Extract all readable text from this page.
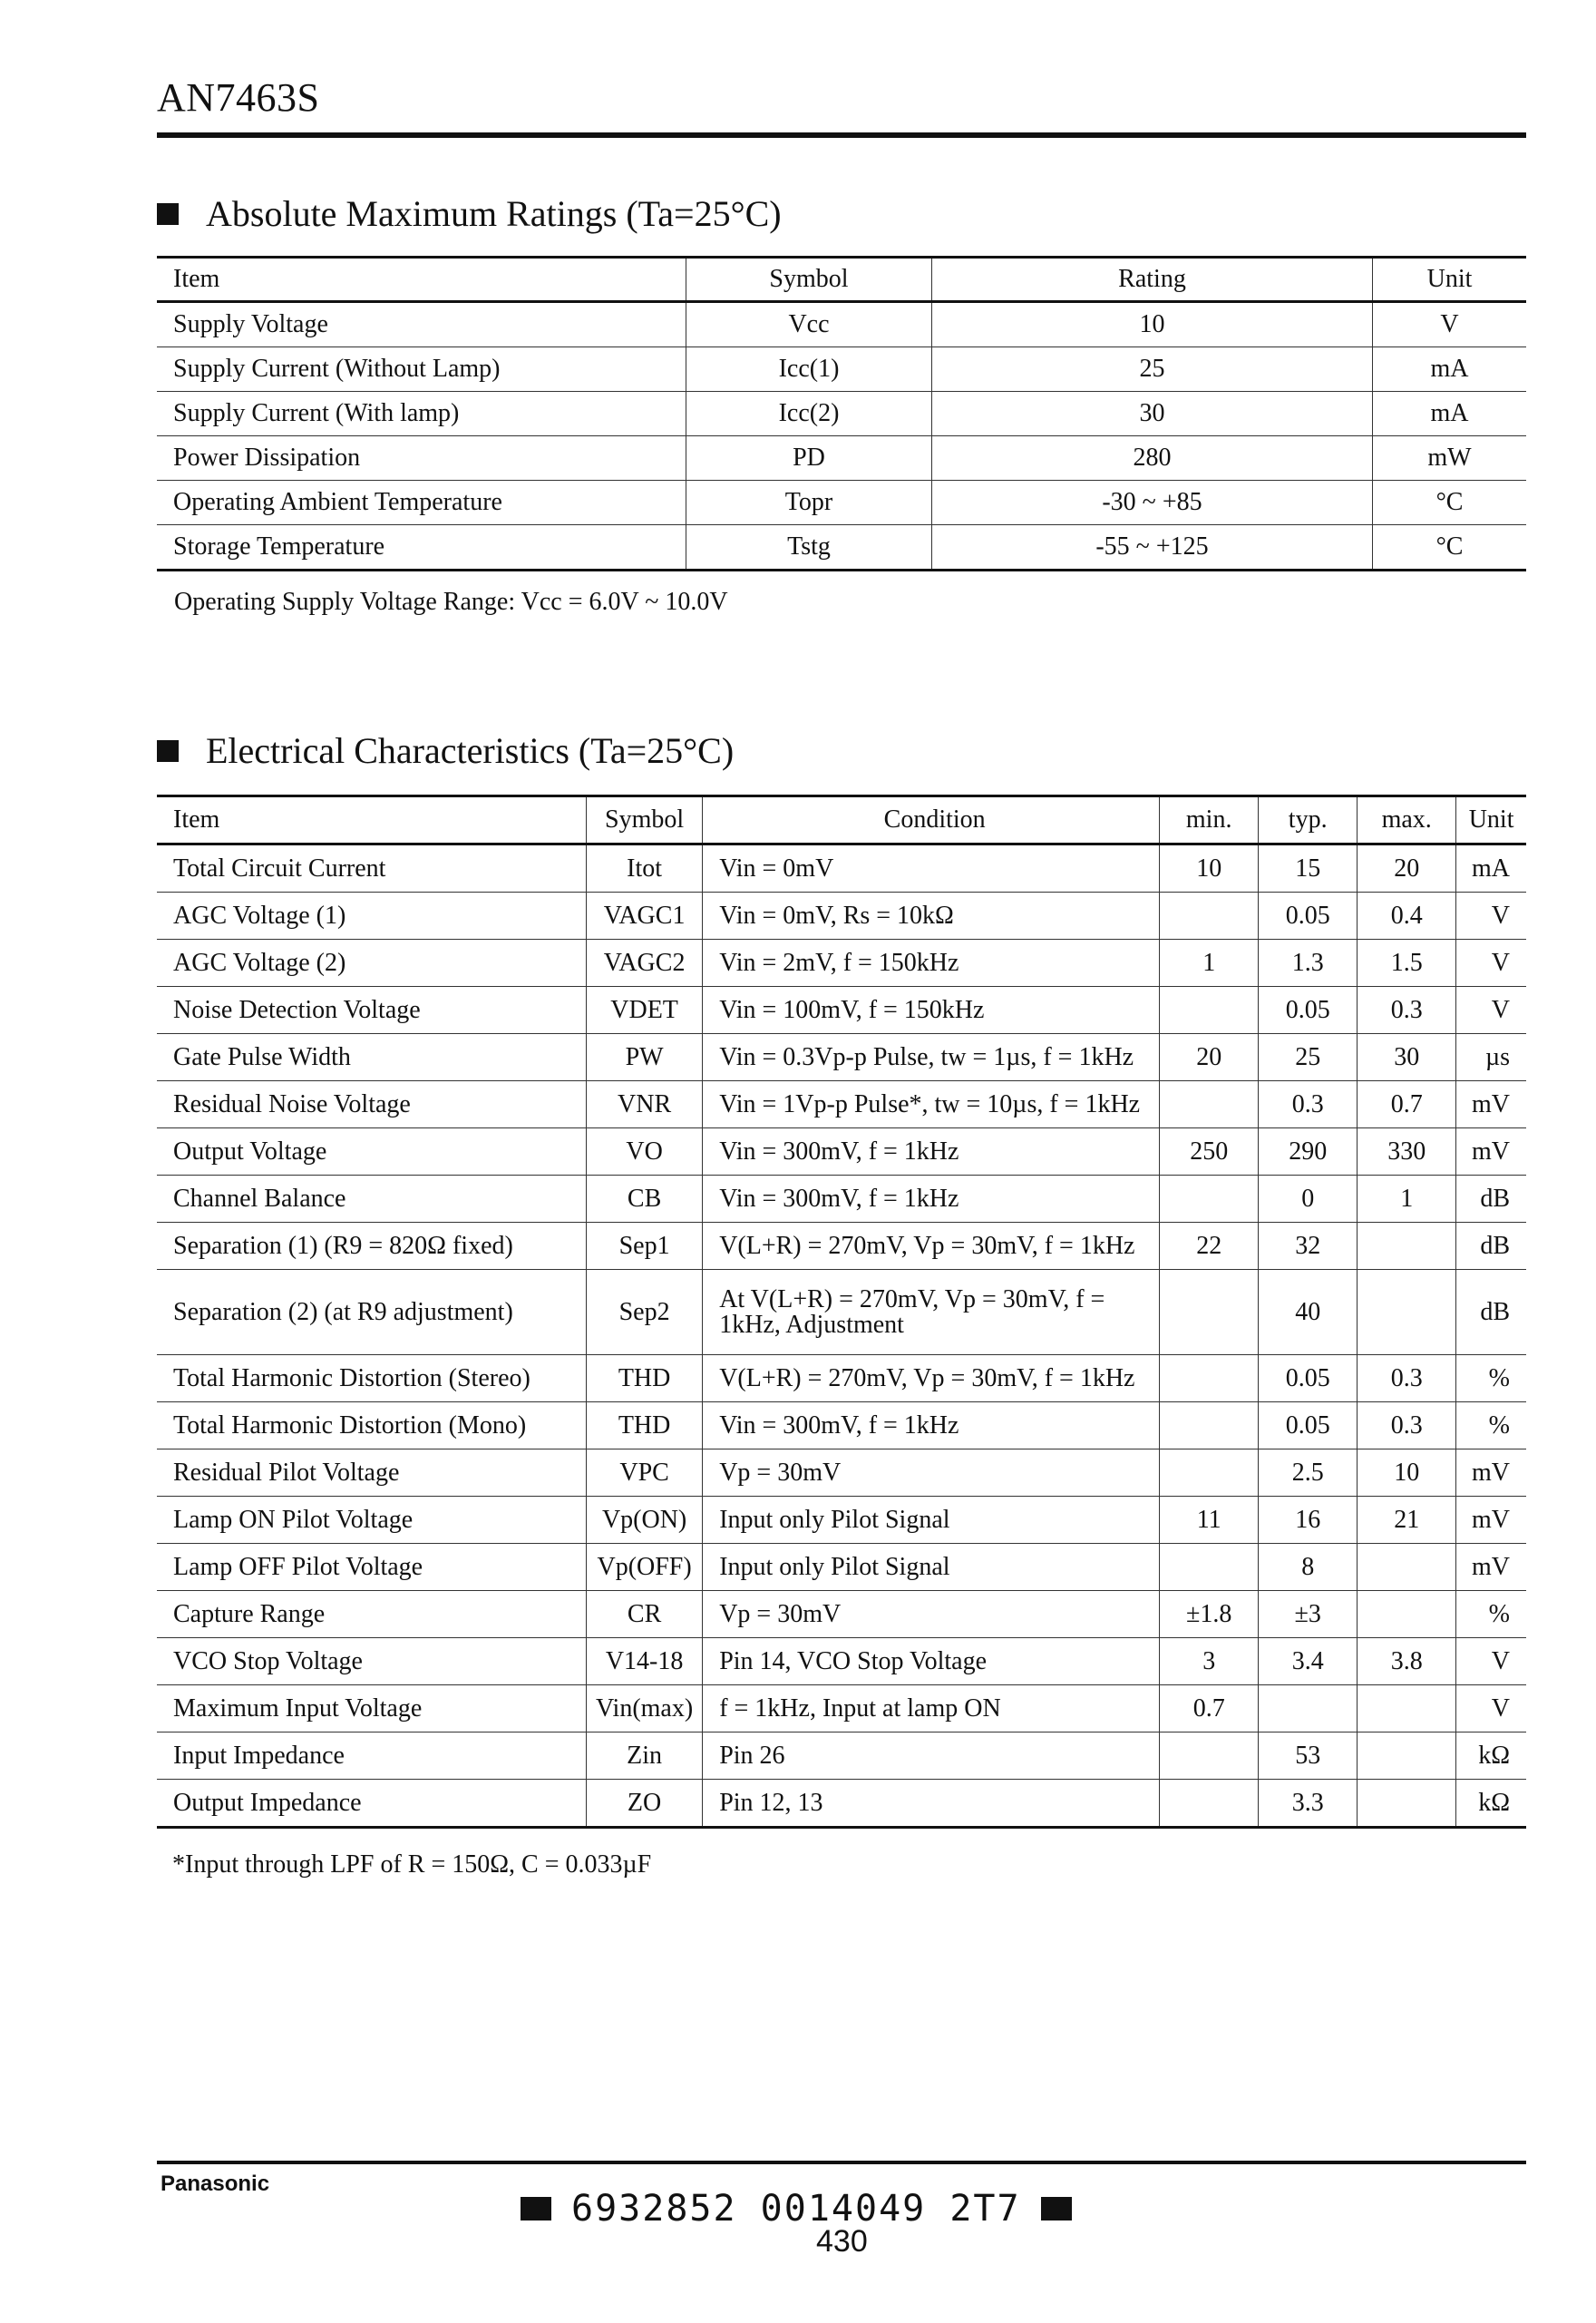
AN7463S
Absolute Maximum Ratings (Ta=25°C)
Item	Symbol	Rating	Unit
Supply Voltage	Vcc	10	V
Supply Current (Without Lamp)	Icc(1)	25	mA
Supply Current (With lamp)	Icc(2)	30	mA
Power Dissipation	PD	280	mW
Operating Ambient Temperature	Topr	-30 ~ +85	°C
Storage Temperature	Tstg	-55 ~ +125	°C
Operating Supply Voltage Range: Vcc = 6.0V ~ 10.0V
Electrical Characteristics (Ta=25°C)
Item	Symbol	Condition	min.	typ.	max.	Unit
Total Circuit Current	Itot	Vin = 0mV	10	15	20	mA
AGC Voltage (1)	VAGC1	Vin = 0mV, Rs = 10kΩ		0.05	0.4	V
AGC Voltage (2)	VAGC2	Vin = 2mV, f = 150kHz	1	1.3	1.5	V
Noise Detection Voltage	VDET	Vin = 100mV, f = 150kHz		0.05	0.3	V
Gate Pulse Width	PW	Vin = 0.3Vp-p Pulse, tw = 1µs, f = 1kHz	20	25	30	µs
Residual Noise Voltage	VNR	Vin = 1Vp-p Pulse*, tw = 10µs, f = 1kHz		0.3	0.7	mV
Output Voltage	VO	Vin = 300mV, f = 1kHz	250	290	330	mV
Channel Balance	CB	Vin = 300mV, f = 1kHz		0	1	dB
Separation (1) (R9 = 820Ω fixed)	Sep1	V(L+R) = 270mV, Vp = 30mV, f = 1kHz	22	32		dB
Separation (2) (at R9 adjustment)	Sep2	At V(L+R) = 270mV, Vp = 30mV, f = 1kHz, Adjustment		40		dB
Total Harmonic Distortion (Stereo)	THD	V(L+R) = 270mV, Vp = 30mV, f = 1kHz		0.05	0.3	%
Total Harmonic Distortion (Mono)	THD	Vin = 300mV, f = 1kHz		0.05	0.3	%
Residual Pilot Voltage	VPC	Vp = 30mV		2.5	10	mV
Lamp ON Pilot Voltage	Vp(ON)	Input only Pilot Signal	11	16	21	mV
Lamp OFF Pilot Voltage	Vp(OFF)	Input only Pilot Signal		8		mV
Capture Range	CR	Vp = 30mV	±1.8	±3		%
VCO Stop Voltage	V14-18	Pin 14, VCO Stop Voltage	3	3.4	3.8	V
Maximum Input Voltage	Vin(max)	f = 1kHz, Input at lamp ON	0.7			V
Input Impedance	Zin	Pin 26		53		kΩ
Output Impedance	ZO	Pin 12, 13		3.3		kΩ
*Input through LPF of R = 150Ω, C = 0.033µF
Panasonic
6932852 0014049 2T7
430
